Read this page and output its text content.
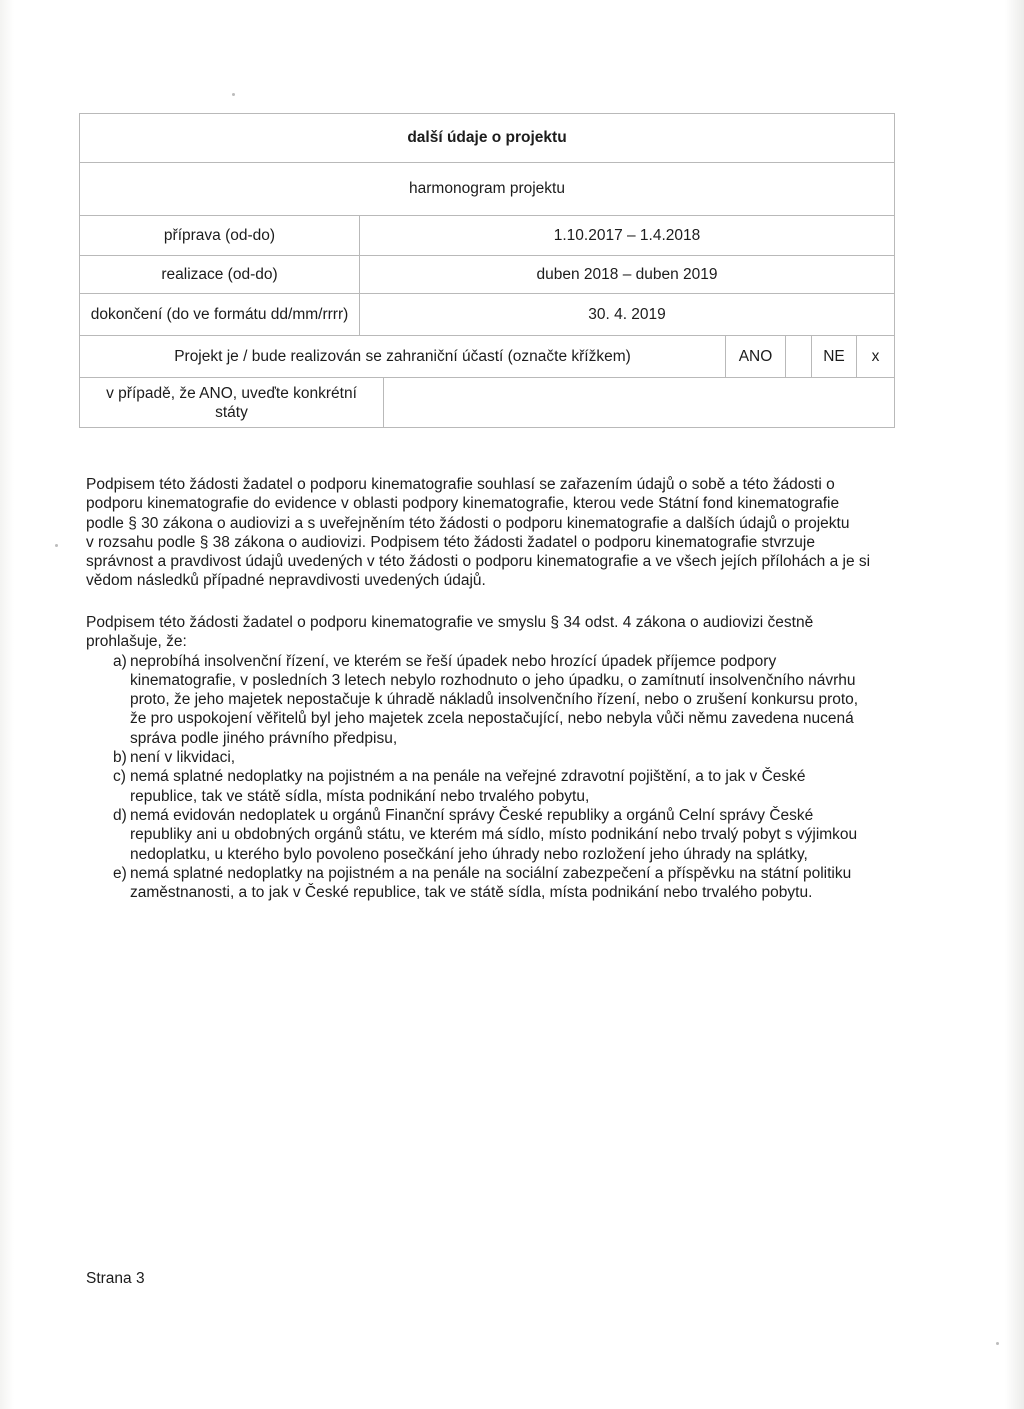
další údaje o projektu						
harmonogram projektu						
příprava (od-do)	1.10.2017 – 1.4.2018					
realizace (od-do)	duben 2018 – duben 2019					
dokončení (do ve formátu dd/mm/rrrr)	30. 4. 2019					
Projekt je / bude realizován se zahraniční účastí (označte křížkem)			ANO		NE	x
v případě, že ANO, uveďte konkrétní
státy						
Podpisem této žádosti žadatel o podporu kinematografie souhlasí se zařazením údajů o sobě a této žádosti o
podporu kinematografie do evidence v oblasti podpory kinematografie, kterou vede Státní fond kinematografie
podle § 30 zákona o audiovizi a s uveřejněním této žádosti o podporu kinematografie a dalších údajů o projektu
v rozsahu podle § 38 zákona o audiovizi. Podpisem této žádosti žadatel o podporu kinematografie stvrzuje
správnost a pravdivost údajů uvedených v této žádosti o podporu kinematografie a ve všech jejích přílohách a je si
vědom následků případné nepravdivosti uvedených údajů.
Podpisem této žádosti žadatel o podporu kinematografie ve smyslu § 34 odst. 4 zákona o audiovizi čestně
prohlašuje, že:
a) neprobíhá insolvenční řízení, ve kterém se řeší úpadek nebo hrozící úpadek příjemce podpory
kinematografie, v posledních 3 letech nebylo rozhodnuto o jeho úpadku, o zamítnutí insolvenčního návrhu
proto, že jeho majetek nepostačuje k úhradě nákladů insolvenčního řízení, nebo o zrušení konkursu proto,
že pro uspokojení věřitelů byl jeho majetek zcela nepostačující, nebo nebyla vůči němu zavedena nucená
správa podle jiného právního předpisu,
b) není v likvidaci,
c) nemá splatné nedoplatky na pojistném a na penále na veřejné zdravotní pojištění, a to jak v České
republice, tak ve státě sídla, místa podnikání nebo trvalého pobytu,
d) nemá evidován nedoplatek u orgánů Finanční správy České republiky a orgánů Celní správy České
republiky ani u obdobných orgánů státu, ve kterém má sídlo, místo podnikání nebo trvalý pobyt s výjimkou
nedoplatku, u kterého bylo povoleno posečkání jeho úhrady nebo rozložení jeho úhrady na splátky,
e) nemá splatné nedoplatky na pojistném a na penále na sociální zabezpečení a příspěvku na státní politiku
zaměstnanosti, a to jak v České republice, tak ve státě sídla, místa podnikání nebo trvalého pobytu.
Strana 3
